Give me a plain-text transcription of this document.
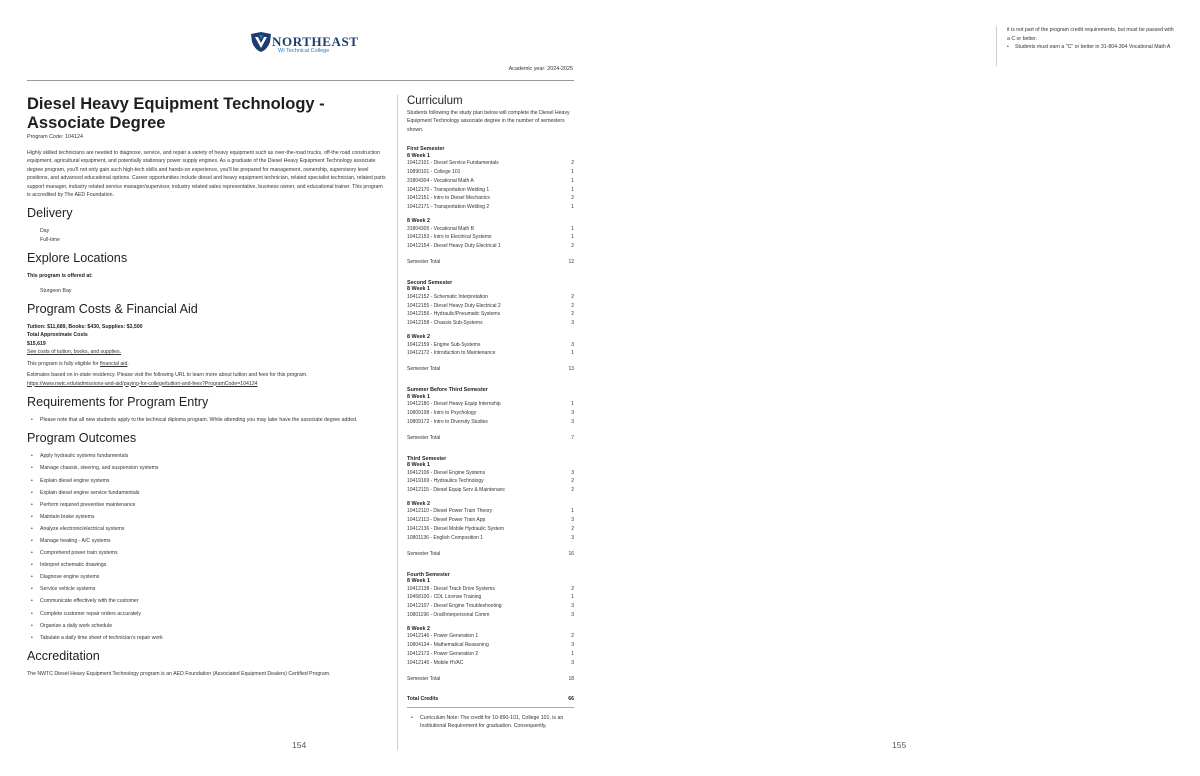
NORTHEAST
WI Technical College
Academic year: 2024-2025
Diesel Heavy Equipment Technology -
Associate Degree
Program Code: 104124

Highly skilled technicians are needed to diagnose, service, and repair a variety of heavy equipment such as over-the-road trucks, off-the road construction equipment, agricultural equipment, and potentially stationary power supply engines. As a graduate of the Diesel Heavy Equipment Technology associate degree program, you'll not only gain such high-tech skills and hands-on experience, you'll be prepared for management, ownership, supervisory level positions, and advanced educational options. Career opportunities include diesel and heavy equipment technician, related specialist technician, related parts support manager, industry related service manager/supervisor, industry related sales representative, business owner, and educational trainer. This program is accredited by The AED Foundation.

Delivery
Day
Full-time
Explore Locations

This program is offered at:

Sturgeon Bay
Program Costs & Financial Aid

Tuition: $11,689, Books: $430, Supplies: $3,500

Total Approximate Costs

$15,619

See costs of tuition, books, and supplies.

This program is fully eligible for financial aid.

Estimates based on in-state residency. Please visit the following URL to learn more about tuition and fees for this program.

https://www.nwtc.edu/admissions-and-aid/paying-for-college/tuition-and-fees?ProgramCode=104124

Requirements for Program Entry
• Please note that all new students apply to the technical diploma program. While attending you may later have the associate degree added.
Program Outcomes
• Apply hydraulic systems fundamentals
• Manage chassis, steering, and suspension systems
• Explain diesel engine systems
• Explain diesel engine service fundamentals
• Perform required preventive maintenance
• Maintain brake systems
• Analyze electronic/electrical systems
• Manage heating - A/C systems
• Comprehend power train systems
• Interpret schematic drawings
• Diagnose engine systems
• Service vehicle systems
• Communicate effectively with the customer
• Complete customer repair orders accurately
• Organize a daily work schedule
• Tabulate a daily time sheet of technician's repair work
Accreditation

The NWTC Diesel Heavy Equipment Technology program is an AED Foundation (Associated Equipment Dealers) Certified Program.

Curriculum
Students following the study plan below will complete the Diesel Heavy Equipment Technology associate degree in the number of semesters shown.
First Semester
8 Week 1
10412101 - Diesel Service Fundamentals	2
10890101 - College 101	1
31804304 - Vocational Math A	1
10412170 - Transportation Welding 1	1
10412151 - Intro to Diesel Mechanics	2
10412171 - Transportation Welding 2	1
8 Week 2
31804305 - Vocational Math B	1
10412153 - Intro to Electrical Systems	1
10412154 - Diesel Heavy Duty Electrical 1	2
Semester Total	12
Second Semester
8 Week 1
10412152 - Schematic Interpretation	2
10412155 - Diesel Heavy Duty Electrical 2	2
10412156 - Hydraulic/Pneumatic Systems	2
10412158 - Chassis Sub-Systems	3
8 Week 2
10412159 - Engine Sub-Systems	3
10412172 - Introduction to Maintenance	1
Semester Total	13
Summer Before Third Semester
8 Week 1
10412180 - Diesel Heavy Equip Internship	1
10809198 - Intro to Psychology	3
10809172 - Intro to Diversity Studies	3
Semester Total	7
Third Semester
8 Week 1
10412106 - Diesel Engine Systems	3
10419169 - Hydraulics Technology	2
10412115 - Diesel Equip Serv & Maintenanc	2
8 Week 2
10412110 - Diesel Power Train Theory	1
10412113 - Diesel Power Train App	3
10412136 - Diesel Mobile Hydraulic System	2
10801136 - English Composition 1	3
Semester Total	16
Fourth Semester
8 Week 1
10412138 - Diesel Track Drive Systems	2
10458100 - CDL License Training	1
10412107 - Diesel Engine Troubleshooting	3
10801196 - Oral/Interpersonal Comm	3
8 Week 2
10412146 - Power Generation 1	2
10804134 - Mathematical Reasoning	3
10412173 - Power Generation 2	1
10412145 - Mobile HVAC	3
Semester Total	18
Total Credits	66
• Curriculum Note: The credit for 10-890-101, College 101, is an Institutional Requirement for graduation. Consequently,
154	155

it is not part of the program credit requirements, but must be passed with a C or better.

• Students must earn a "C" or better in 31-804-304 Vocational Math A
